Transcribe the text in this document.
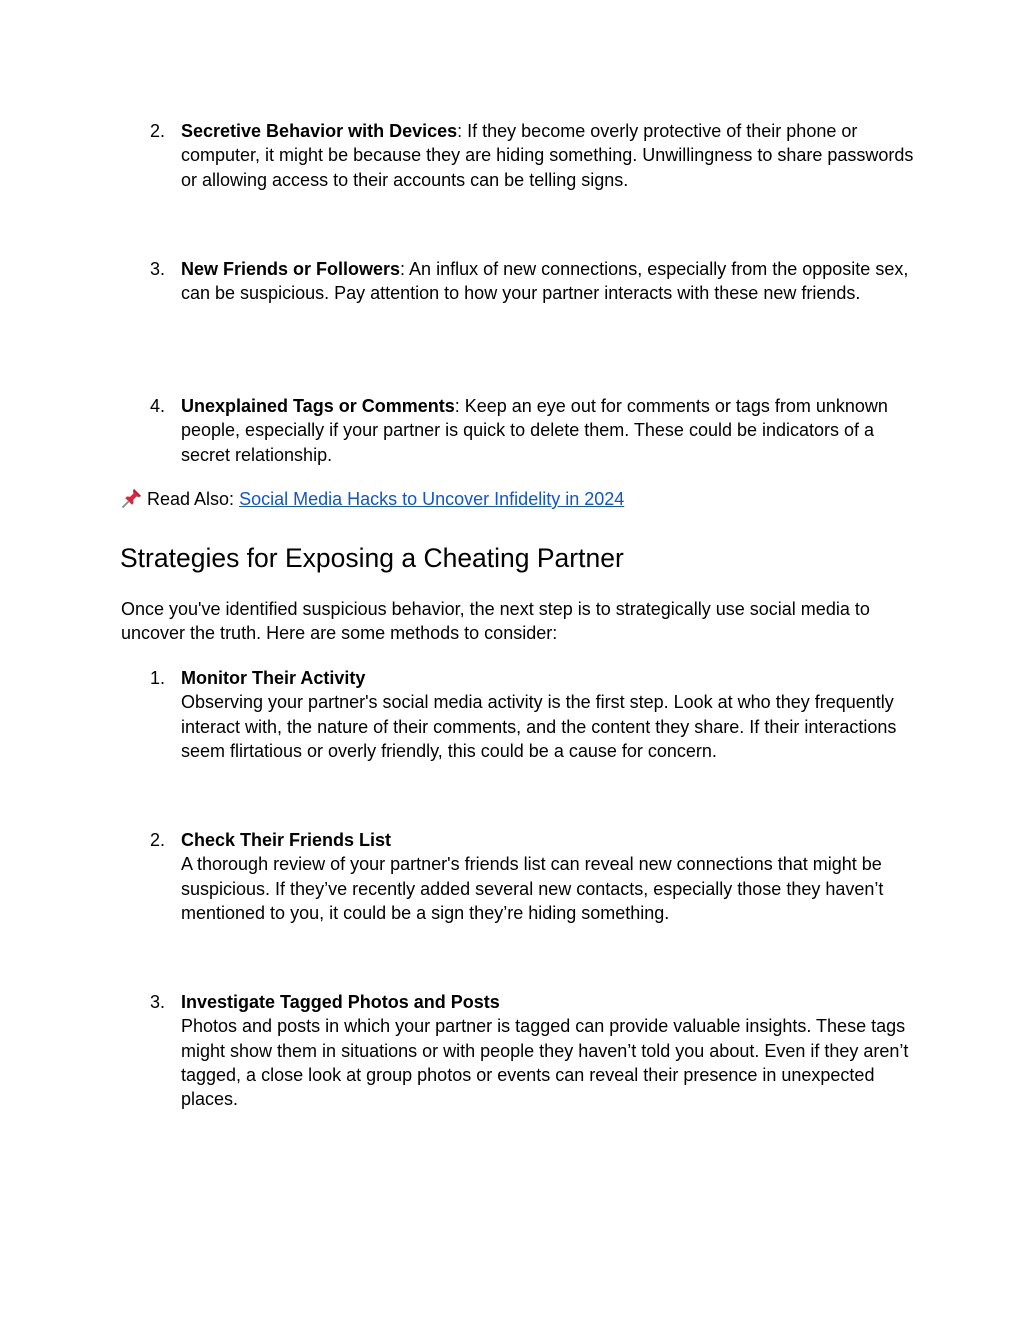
2. Secretive Behavior with Devices: If they become overly protective of their phone or computer, it might be because they are hiding something. Unwillingness to share passwords or allowing access to their accounts can be telling signs.
3. New Friends or Followers: An influx of new connections, especially from the opposite sex, can be suspicious. Pay attention to how your partner interacts with these new friends.
4. Unexplained Tags or Comments: Keep an eye out for comments or tags from unknown people, especially if your partner is quick to delete them. These could be indicators of a secret relationship.
Read Also: Social Media Hacks to Uncover Infidelity in 2024
Strategies for Exposing a Cheating Partner

Once you've identified suspicious behavior, the next step is to strategically use social media to uncover the truth. Here are some methods to consider:

1. Monitor Their Activity
Observing your partner's social media activity is the first step. Look at who they frequently interact with, the nature of their comments, and the content they share. If their interactions seem flirtatious or overly friendly, this could be a cause for concern.
2. Check Their Friends List
A thorough review of your partner's friends list can reveal new connections that might be suspicious. If they’ve recently added several new contacts, especially those they haven’t mentioned to you, it could be a sign they’re hiding something.
3. Investigate Tagged Photos and Posts
Photos and posts in which your partner is tagged can provide valuable insights. These tags might show them in situations or with people they haven’t told you about. Even if they aren’t tagged, a close look at group photos or events can reveal their presence in unexpected places.
